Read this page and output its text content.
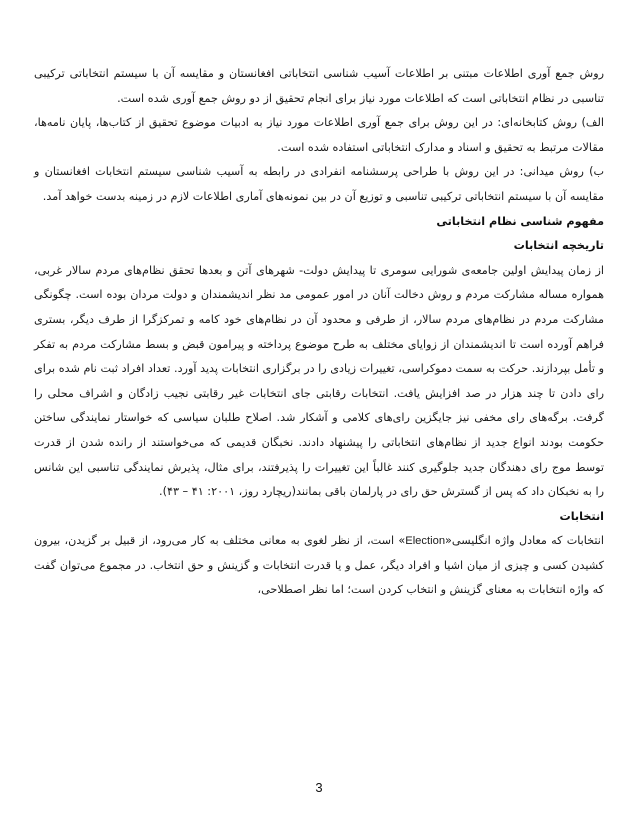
روش جمع آوری اطلاعات مبتنی بر اطلاعات آسیب شناسی انتخاباتی افغانستان و مقایسه آن با سیستم انتخاباتی ترکیبی تناسبی در نظام انتخاباتی است که اطلاعات مورد نیاز برای انجام تحقیق از دو روش جمع آوری شده است.

الف) روش کتابخانه‌ای: در این روش برای جمع آوری اطلاعات مورد نیاز به ادبیات موضوع تحقیق از کتاب‌ها، پایان نامه‌ها، مقالات مرتبط به تحقیق و اسناد و مدارک انتخاباتی استفاده شده است.

ب) روش میدانی: در این روش با طراحی پرسشنامه انفرادی در رابطه به آسیب شناسی سیستم انتخابات افغانستان و مقایسه آن با سیستم انتخاباتی ترکیبی تناسبی و توزیع آن در بین نمونه‌های آماری اطلاعات لازم در زمینه بدست خواهد آمد.

مفهوم شناسی نظام انتخاباتی
تاریخچه انتخابات

از زمان پیدایش اولین جامعه‌ی شورایی سومری تا پیدایش دولت- شهرهای آتن و بعدها تحقق نظام‌های مردم سالار غربی، همواره مساله مشارکت مردم و روش دخالت آنان در امور عمومی مد نظر اندیشمندان و دولت مردان بوده است. چگونگی مشارکت مردم در نظام‌های مردم سالار، از طرفی و محدود آن در نظام‌های خود کامه و تمرکزگرا از طرف دیگر، بستری فراهم آورده است تا اندیشمندان از زوایای مختلف به طرح موضوع پرداخته و پیرامون قبض و بسط مشارکت مردم به تفکر و تأمل بپردازند. حرکت به سمت دموکراسی، تغییرات زیادی را در برگزاری انتخابات پدید آورد. تعداد افراد ثبت نام شده برای رای دادن تا چند هزار در صد افزایش یافت. انتخابات رقابتی جای انتخابات غیر رقابتی نجیب زادگان و اشراف محلی را گرفت. برگه‌های رای مخفی نیز جایگزین رای‌های کلامی و آشکار شد. اصلاح طلبان سیاسی که خواستار نمایندگی ساختن حکومت بودند انواع جدید از نظام‌های انتخاباتی را پیشنهاد دادند. نخبگان قدیمی که می‌خواستند از رانده شدن از قدرت توسط موج رای دهندگان جدید جلوگیری کنند غالباً این تغییرات را پذیرفتند، برای مثال، پذیرش نمایندگی تناسبی این شانس را به نخبکان داد که پس از گسترش حق رای در پارلمان باقی بمانند(ریچارد روز، ۲۰۰۱: ۴۱ – ۴۳).

انتخابات

انتخابات که معادل واژه انگلیسی«Election» است، از نظر لغوی به معانی مختلف به کار می‌رود، از قبیل بر گزیدن، بیرون کشیدن کسی و چیزی از میان اشیا و افراد دیگر، عمل و یا قدرت انتخابات و گزینش و حق انتخاب. در مجموع می‌توان گفت که واژه انتخابات به معنای گزینش و انتخاب کردن است؛ اما نظر اصطلاحی،

3
